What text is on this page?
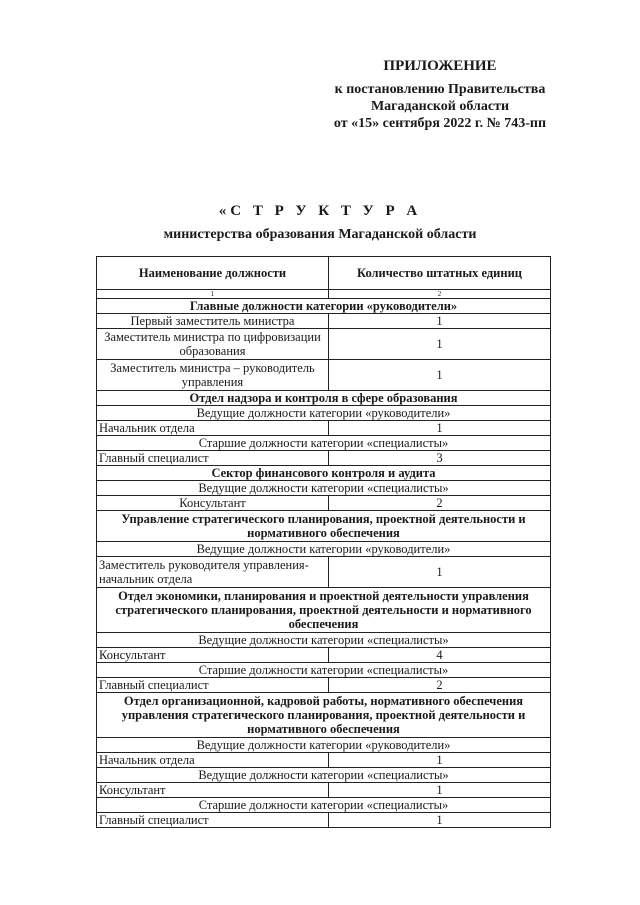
ПРИЛОЖЕНИЕ
к постановлению Правительства
Магаданской области
от «15» сентября 2022 г. № 743-пп
«С Т Р У К Т У Р А
министерства образования Магаданской области
Наименование должности	Количество штатных единиц
1	2
Главные должности категории «руководители»	
Первый заместитель министра	1
Заместитель министра по цифровизации образования	1
Заместитель министра – руководитель управления	1
Отдел надзора и контроля в сфере образования	
Ведущие должности категории «руководители»	
Начальник отдела	1
Старшие должности категории «специалисты»	
Главный специалист	3
Сектор финансового контроля и аудита	
Ведущие должности категории «специалисты»	
Консультант	2
Управление стратегического планирования, проектной деятельности и нормативного обеспечения	
Ведущие должности категории «руководители»	
Заместитель руководителя управления-начальник отдела	1
Отдел экономики, планирования и проектной деятельности управления стратегического планирования, проектной деятельности и нормативного обеспечения	
Ведущие должности категории «специалисты»	
Консультант	4
Старшие должности категории «специалисты»	
Главный специалист	2
Отдел организационной, кадровой работы, нормативного обеспечения управления стратегического планирования, проектной деятельности и нормативного обеспечения	
Ведущие должности категории «руководители»	
Начальник отдела	1
Ведущие должности категории «специалисты»	
Консультант	1
Старшие должности категории «специалисты»	
Главный специалист	1
